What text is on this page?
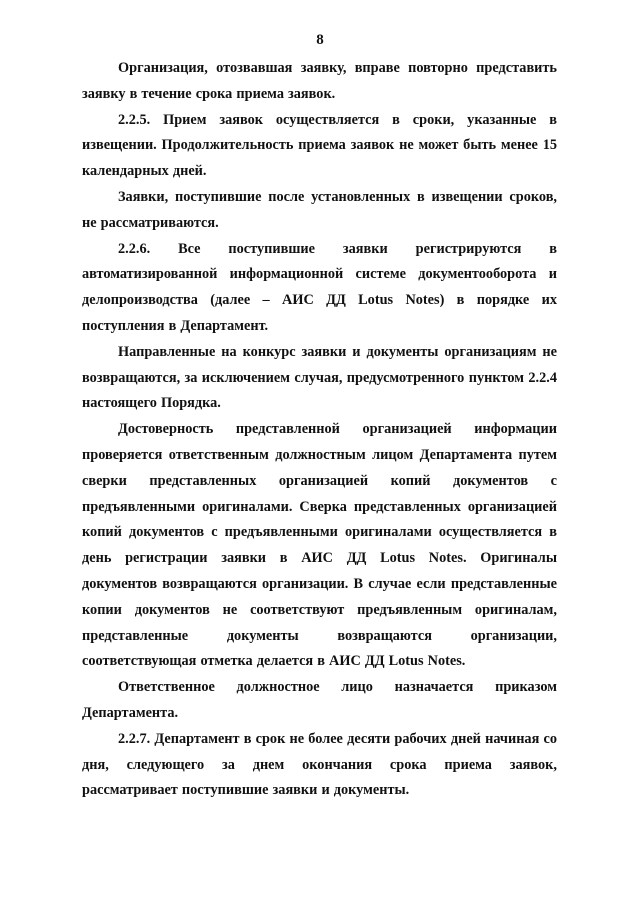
8

Организация, отозвавшая заявку, вправе повторно представить заявку в течение срока приема заявок.

2.2.5. Прием заявок осуществляется в сроки, указанные в извещении. Продолжительность приема заявок не может быть менее 15 календарных дней.

Заявки, поступившие после установленных в извещении сроков, не рассматриваются.

2.2.6. Все поступившие заявки регистрируются в автоматизированной информационной системе документооборота и делопроизводства (далее – АИС ДД Lotus Notes) в порядке их поступления в Департамент.

Направленные на конкурс заявки и документы организациям не возвращаются, за исключением случая, предусмотренного пунктом 2.2.4 настоящего Порядка.

Достоверность представленной организацией информации проверяется ответственным должностным лицом Департамента путем сверки представленных организацией копий документов с предъявленными оригиналами. Сверка представленных организацией копий документов с предъявленными оригиналами осуществляется в день регистрации заявки в АИС ДД Lotus Notes. Оригиналы документов возвращаются организации. В случае если представленные копии документов не соответствуют предъявленным оригиналам, представленные документы возвращаются организации, соответствующая отметка делается в АИС ДД Lotus Notes.

Ответственное должностное лицо назначается приказом Департамента.

2.2.7. Департамент в срок не более десяти рабочих дней начиная со дня, следующего за днем окончания срока приема заявок, рассматривает поступившие заявки и документы.
